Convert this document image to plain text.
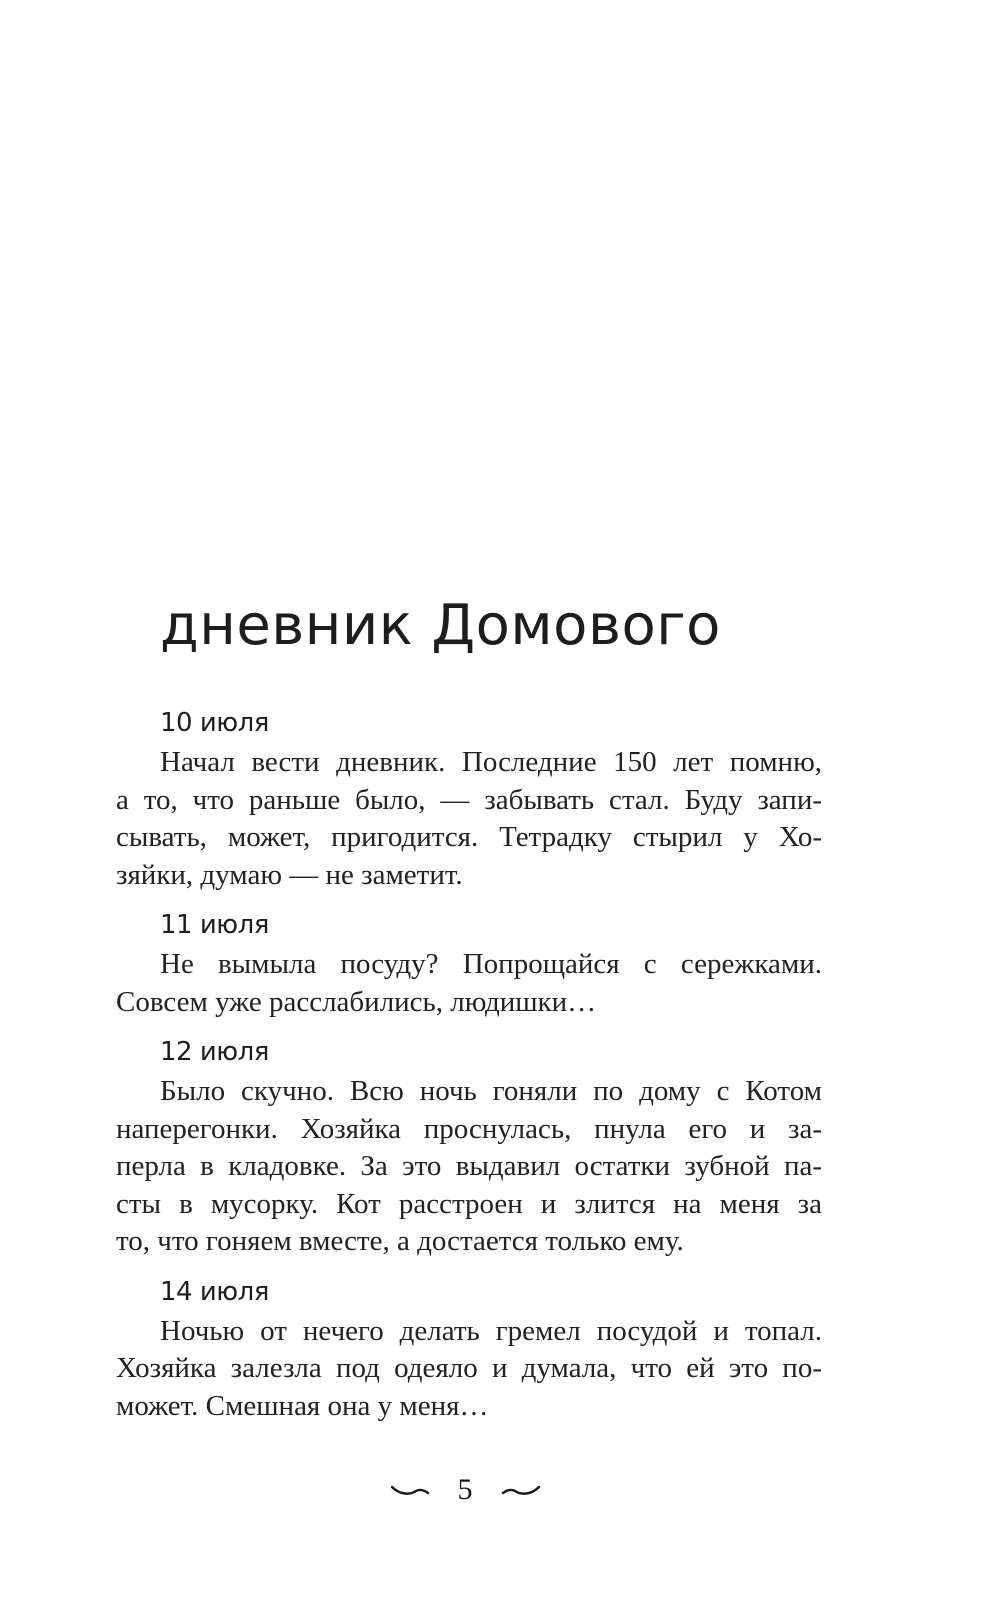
дневник Домового
10 июля
Начал вести дневник. Последние 150 лет помню,
а то, что раньше было, — забывать стал. Буду запи-
сывать, может, пригодится. Тетрадку стырил у Хо-
зяйки, думаю — не заметит.
11 июля
Не вымыла посуду? Попрощайся с сережками.
Совсем уже расслабились, людишки…
12 июля
Было скучно. Всю ночь гоняли по дому с Котом
наперегонки. Хозяйка проснулась, пнула его и за-
перла в кладовке. За это выдавил остатки зубной па-
сты в мусорку. Кот расстроен и злится на меня за
то, что гоняем вместе, а достается только ему.
14 июля
Ночью от нечего делать гремел посудой и топал.
Хозяйка залезла под одеяло и думала, что ей это по-
может. Смешная она у меня…
5
